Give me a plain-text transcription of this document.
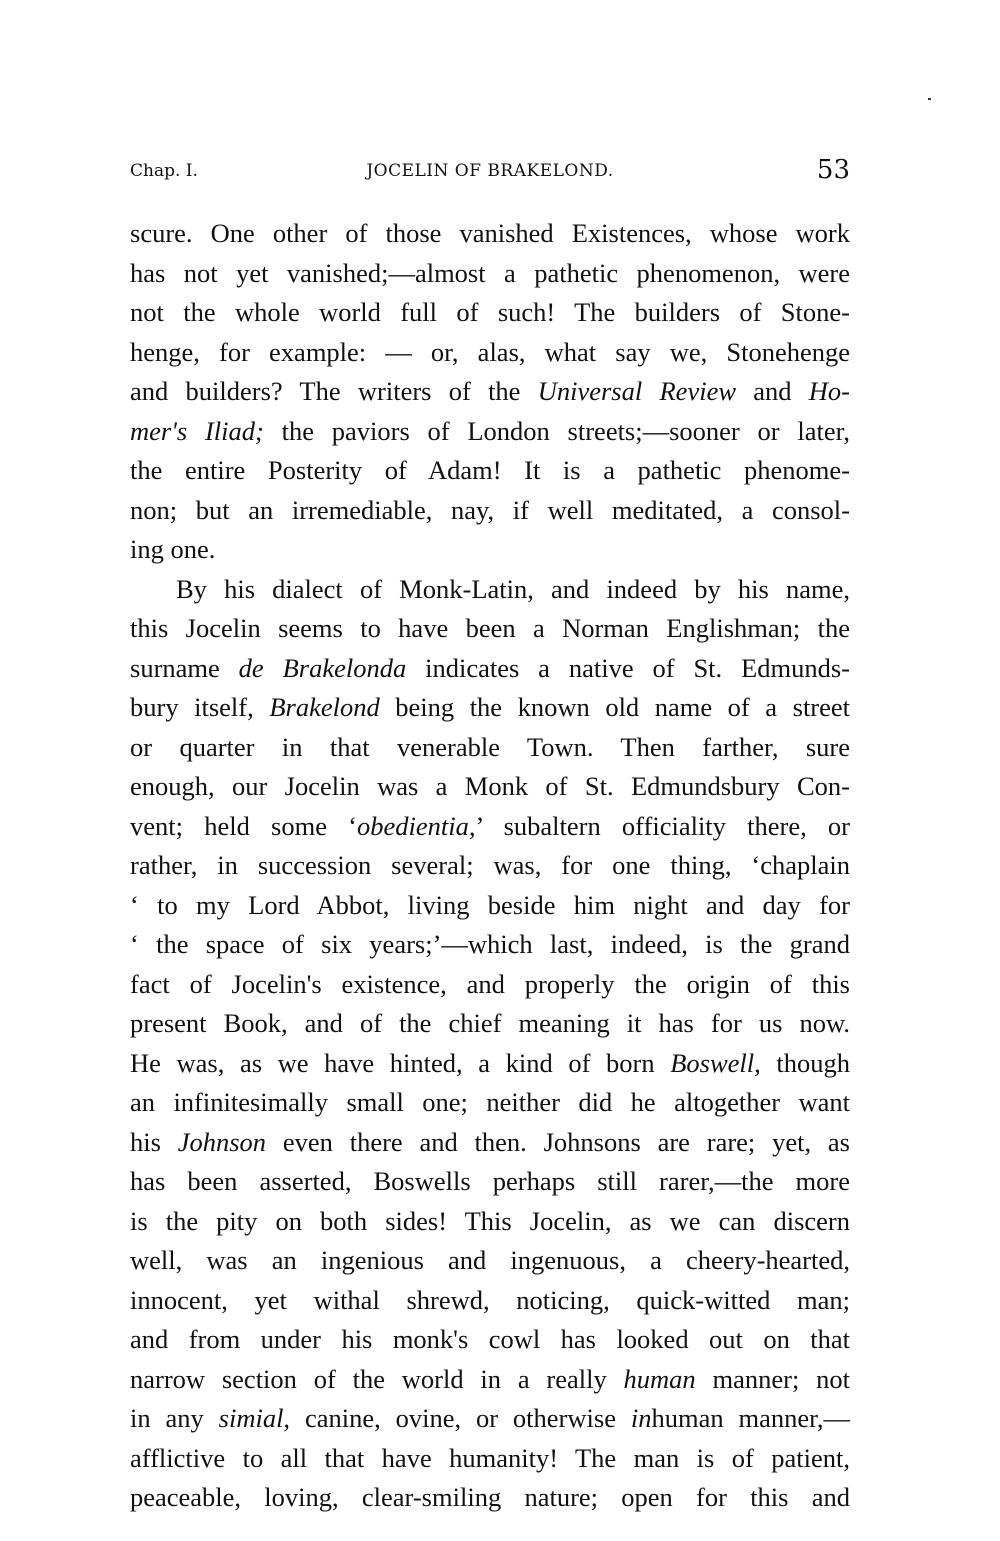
Chap. I.	JOCELIN OF BRAKELOND.	53
scure. One other of those vanished Existences, whose work
has not yet vanished;—almost a pathetic phenomenon, were
not the whole world full of such! The builders of Stone-
henge, for example: — or, alas, what say we, Stonehenge
and builders? The writers of the Universal Review and Ho-
mer's Iliad; the paviors of London streets;—sooner or later,
the entire Posterity of Adam! It is a pathetic phenome-
non; but an irremediable, nay, if well meditated, a consol-
ing one.
By his dialect of Monk-Latin, and indeed by his name,
this Jocelin seems to have been a Norman Englishman; the
surname de Brakelonda indicates a native of St. Edmunds-
bury itself, Brakelond being the known old name of a street
or quarter in that venerable Town. Then farther, sure
enough, our Jocelin was a Monk of St. Edmundsbury Con-
vent; held some ‘obedientia,’ subaltern officiality there, or
rather, in succession several; was, for one thing, ‘chaplain
‘ to my Lord Abbot, living beside him night and day for
‘ the space of six years;’—which last, indeed, is the grand
fact of Jocelin's existence, and properly the origin of this
present Book, and of the chief meaning it has for us now.
He was, as we have hinted, a kind of born Boswell, though
an infinitesimally small one; neither did he altogether want
his Johnson even there and then. Johnsons are rare; yet, as
has been asserted, Boswells perhaps still rarer,—the more
is the pity on both sides! This Jocelin, as we can discern
well, was an ingenious and ingenuous, a cheery-hearted,
innocent, yet withal shrewd, noticing, quick-witted man;
and from under his monk's cowl has looked out on that
narrow section of the world in a really human manner; not
in any simial, canine, ovine, or otherwise inhuman manner,—
afflictive to all that have humanity! The man is of patient,
peaceable, loving, clear-smiling nature; open for this and
